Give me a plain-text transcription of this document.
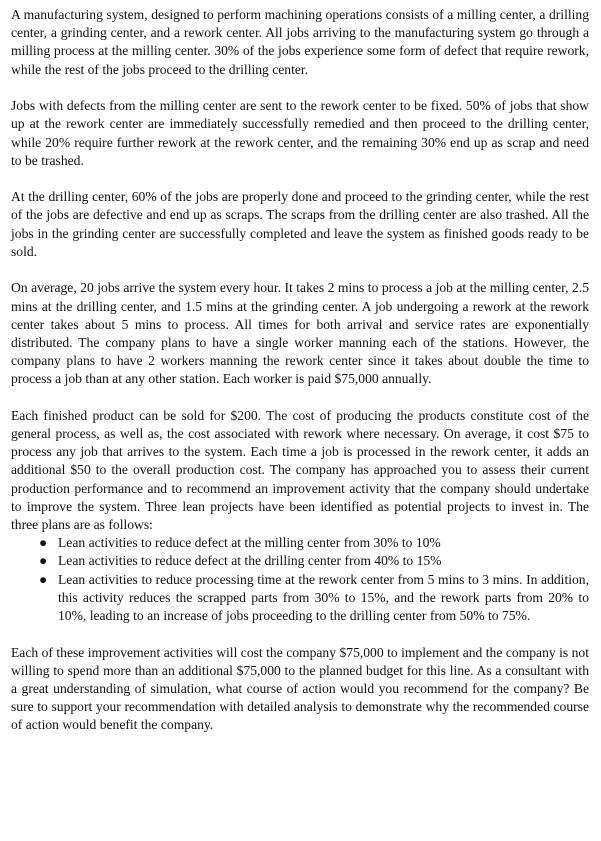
A manufacturing system, designed to perform machining operations consists of a milling center, a drilling center, a grinding center, and a rework center. All jobs arriving to the manufacturing system go through a milling process at the milling center. 30% of the jobs experience some form of defect that require rework, while the rest of the jobs proceed to the drilling center.

Jobs with defects from the milling center are sent to the rework center to be fixed. 50% of jobs that show up at the rework center are immediately successfully remedied and then proceed to the drilling center, while 20% require further rework at the rework center, and the remaining 30% end up as scrap and need to be trashed.

At the drilling center, 60% of the jobs are properly done and proceed to the grinding center, while the rest of the jobs are defective and end up as scraps. The scraps from the drilling center are also trashed. All the jobs in the grinding center are successfully completed and leave the system as finished goods ready to be sold.

On average, 20 jobs arrive the system every hour. It takes 2 mins to process a job at the milling center, 2.5 mins at the drilling center, and 1.5 mins at the grinding center. A job undergoing a rework at the rework center takes about 5 mins to process. All times for both arrival and service rates are exponentially distributed. The company plans to have a single worker manning each of the stations. However, the company plans to have 2 workers manning the rework center since it takes about double the time to process a job than at any other station. Each worker is paid $75,000 annually.

Each finished product can be sold for $200. The cost of producing the products constitute cost of the general process, as well as, the cost associated with rework where necessary. On average, it cost $75 to process any job that arrives to the system. Each time a job is processed in the rework center, it adds an additional $50 to the overall production cost. The company has approached you to assess their current production performance and to recommend an improvement activity that the company should undertake to improve the system. Three lean projects have been identified as potential projects to invest in. The three plans are as follows:

● Lean activities to reduce defect at the milling center from 30% to 10%
● Lean activities to reduce defect at the drilling center from 40% to 15%
● Lean activities to reduce processing time at the rework center from 5 mins to 3 mins. In addition, this activity reduces the scrapped parts from 30% to 15%, and the rework parts from 20% to 10%, leading to an increase of jobs proceeding to the drilling center from 50% to 75%.

Each of these improvement activities will cost the company $75,000 to implement and the company is not willing to spend more than an additional $75,000 to the planned budget for this line. As a consultant with a great understanding of simulation, what course of action would you recommend for the company? Be sure to support your recommendation with detailed analysis to demonstrate why the recommended course of action would benefit the company.
